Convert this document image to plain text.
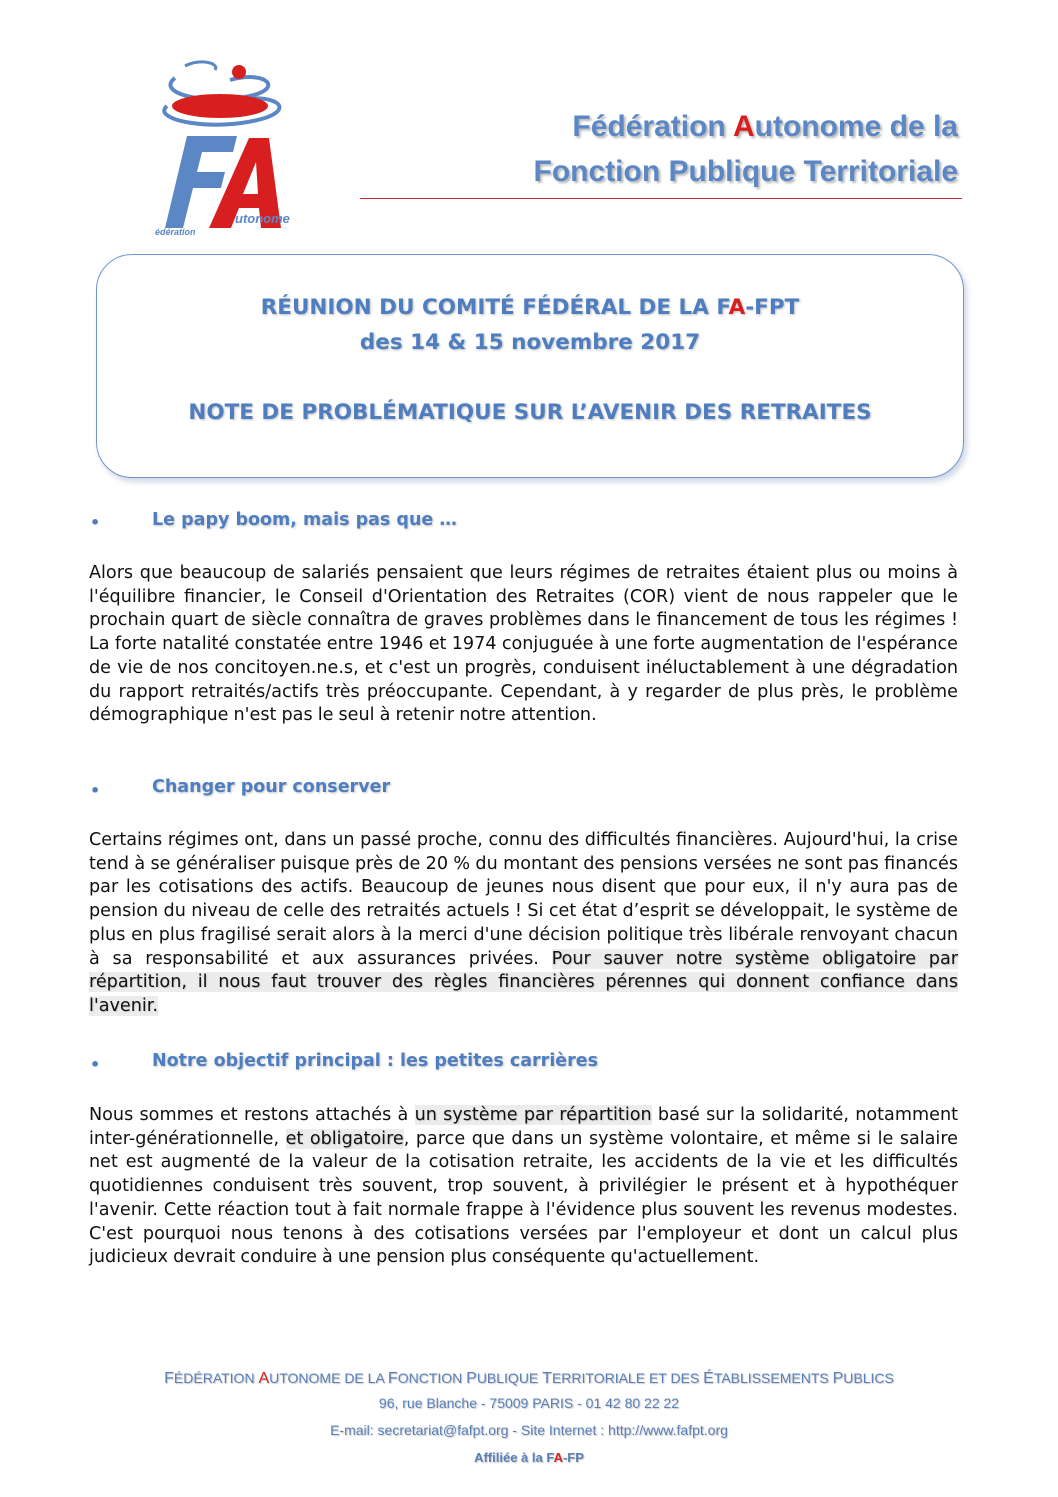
utonome
édération
Fédération Autonome de la
Fonction Publique Territoriale
RÉUNION DU COMITÉ FÉDÉRAL DE LA FA-FPT
des 14 & 15 novembre 2017
NOTE DE PROBLÉMATIQUE SUR L’AVENIR DES RETRAITES
•	Le papy boom, mais pas que …

Alors que beaucoup de salariés pensaient que leurs régimes de retraites étaient plus ou moins à l'équilibre financier, le Conseil d'Orientation des Retraites (COR) vient de nous rappeler que le prochain quart de siècle connaîtra de graves problèmes dans le financement de tous les régimes ! La forte natalité constatée entre 1946 et 1974 conjuguée à une forte augmentation de l'espérance de vie de nos concitoyen.ne.s, et c'est un progrès, conduisent inéluctablement à une dégradation du rapport retraités/actifs très préoccupante. Cependant, à y regarder de plus près, le problème démographique n'est pas le seul à retenir notre attention.

•	Changer pour conserver

Certains régimes ont, dans un passé proche, connu des difficultés financières. Aujourd'hui, la crise tend à se généraliser puisque près de 20 % du montant des pensions versées ne sont pas financés par les cotisations des actifs. Beaucoup de jeunes nous disent que pour eux, il n'y aura pas de pension du niveau de celle des retraités actuels ! Si cet état d’esprit se développait, le système de plus en plus fragilisé serait alors à la merci d'une décision politique très libérale renvoyant chacun à sa responsabilité et aux assurances privées. Pour sauver notre système obligatoire par répartition, il nous faut trouver des règles financières pérennes qui donnent confiance dans l'avenir.

•	Notre objectif principal : les petites carrières

Nous sommes et restons attachés à un système par répartition basé sur la solidarité, notamment inter-générationnelle, et obligatoire, parce que dans un système volontaire, et même si le salaire net est augmenté de la valeur de la cotisation retraite, les accidents de la vie et les difficultés quotidiennes conduisent très souvent, trop souvent, à privilégier le présent et à hypothéquer l'avenir. Cette réaction tout à fait normale frappe à l'évidence plus souvent les revenus modestes. C'est pourquoi nous tenons à des cotisations versées par l'employeur et dont un calcul plus judicieux devrait conduire à une pension plus conséquente qu'actuellement.

FÉDÉRATION AUTONOME DE LA FONCTION PUBLIQUE TERRITORIALE ET DES ÉTABLISSEMENTS PUBLICS
96, rue Blanche - 75009 PARIS - 01 42 80 22 22
E-mail: secretariat@fafpt.org - Site Internet : http://www.fafpt.org
Affiliée à la FA-FP
